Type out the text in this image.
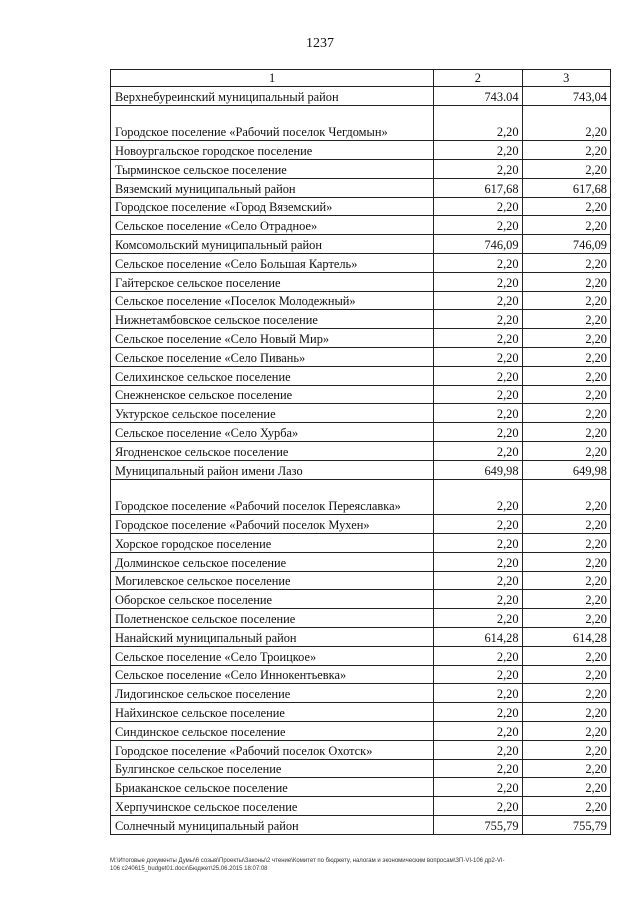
1237
1	2	3
Верхнебуреинский муниципальный район	743.04	743,04
Городское поселение «Рабочий поселок Чегдомын»	2,20	2,20
Новоургальское городское поселение	2,20	2,20
Тырминское сельское поселение	2,20	2,20
Вяземский муниципальный район	617,68	617,68
Городское поселение «Город Вяземский»	2,20	2,20
Сельское поселение «Село Отрадное»	2,20	2,20
Комсомольский муниципальный район	746,09	746,09
Сельское поселение «Село Большая Картель»	2,20	2,20
Гайтерское сельское поселение	2,20	2,20
Сельское поселение «Поселок Молодежный»	2,20	2,20
Нижнетамбовское сельское поселение	2,20	2,20
Сельское поселение «Село Новый Мир»	2,20	2,20
Сельское поселение «Село Пивань»	2,20	2,20
Селихинское сельское поселение	2,20	2,20
Снежненское сельское поселение	2,20	2,20
Уктурское сельское поселение	2,20	2,20
Сельское поселение «Село Хурба»	2,20	2,20
Ягодненское сельское поселение	2,20	2,20
Муниципальный район имени Лазо	649,98	649,98
Городское поселение «Рабочий поселок Переяславка»	2,20	2,20
Городское поселение «Рабочий поселок Мухен»	2,20	2,20
Хорское городское поселение	2,20	2,20
Долминское сельское поселение	2,20	2,20
Могилевское сельское поселение	2,20	2,20
Оборское сельское поселение	2,20	2,20
Полетненское сельское поселение	2,20	2,20
Нанайский муниципальный район	614,28	614,28
Сельское поселение «Село Троицкое»	2,20	2,20
Сельское поселение «Село Иннокентьевка»	2,20	2,20
Лидогинское сельское поселение	2,20	2,20
Найхинское сельское поселение	2,20	2,20
Синдинское сельское поселение	2,20	2,20
Городское поселение «Рабочий поселок Охотск»	2,20	2,20
Булгинское сельское поселение	2,20	2,20
Бриаканское сельское поселение	2,20	2,20
Херпучинское сельское поселение	2,20	2,20
Солнечный муниципальный район	755,79	755,79
М:\Итоговые документы Думы\6 созыв\Проекты\Законы\2 чтение\Комитет по бюджету, налогам и экономическим вопросам\ЗП-VI-106 др2-VI-
106 с240615_budget01.docx\Бюджет\25.06.2015 18:07:08
